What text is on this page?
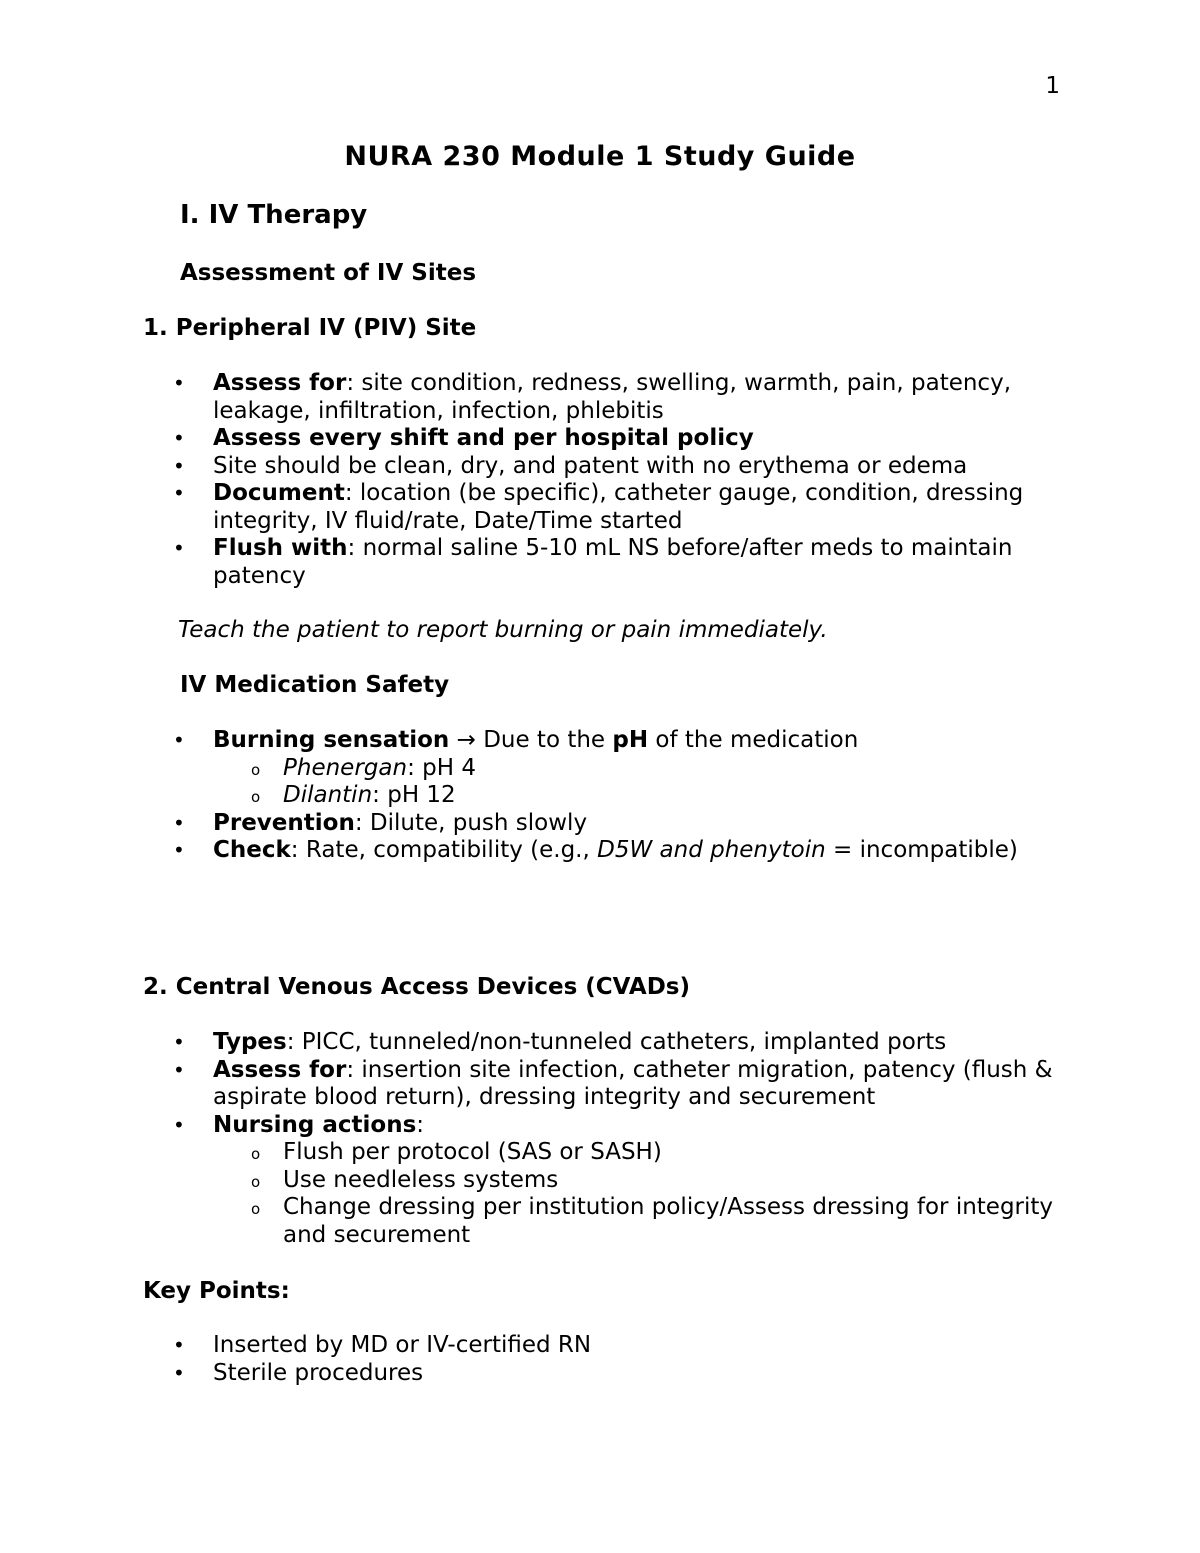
1
NURA 230 Module 1 Study Guide
I. IV Therapy
Assessment of IV Sites
1. Peripheral IV (PIV) Site
• Assess for: site condition, redness, swelling, warmth, pain, patency, leakage, infiltration, infection, phlebitis
• Assess every shift and per hospital policy
• Site should be clean, dry, and patent with no erythema or edema
• Document: location (be specific), catheter gauge, condition, dressing integrity, IV fluid/rate, Date/Time started
• Flush with: normal saline 5-10 mL NS before/after meds to maintain patency
Teach the patient to report burning or pain immediately.
IV Medication Safety
• Burning sensation → Due to the pH of the medication
o Phenergan: pH 4
o Dilantin: pH 12
• Prevention: Dilute, push slowly
• Check: Rate, compatibility (e.g., D5W and phenytoin = incompatible)
2. Central Venous Access Devices (CVADs)
• Types: PICC, tunneled/non-tunneled catheters, implanted ports
• Assess for: insertion site infection, catheter migration, patency (flush & aspirate blood return), dressing integrity and securement
• Nursing actions:
o Flush per protocol (SAS or SASH)
o Use needleless systems
o Change dressing per institution policy/Assess dressing for integrity and securement
Key Points:
• Inserted by MD or IV-certified RN
• Sterile procedures
